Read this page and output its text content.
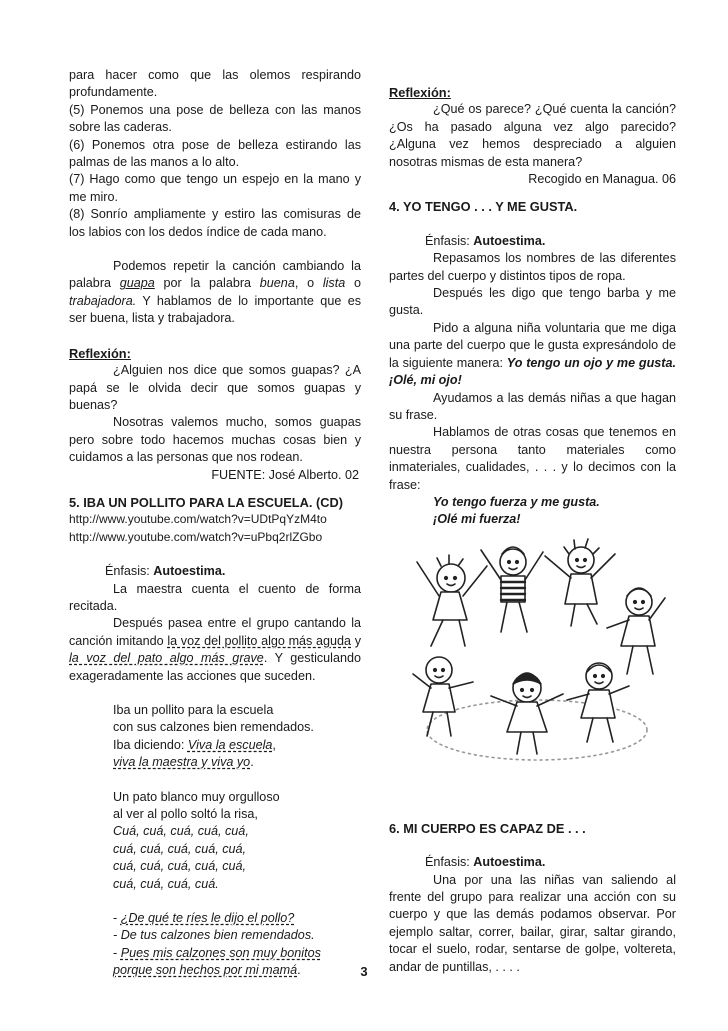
para hacer como que las olemos respirando profundamente.

(5) Ponemos una pose de belleza con las manos sobre las caderas.

(6) Ponemos otra pose de belleza estirando las palmas de las manos a lo alto.

(7) Hago como que tengo un espejo en la mano y me miro.

(8) Sonrío ampliamente y estiro las comisuras de los labios con los dedos índice de cada mano.

Podemos repetir la canción cambiando la palabra guapa por la palabra buena, o lista o trabajadora. Y hablamos de lo importante que es ser buena, lista y trabajadora.

Reflexión:

¿Alguien nos dice que somos guapas? ¿A papá se le olvida decir que somos guapas y buenas?

Nosotras valemos mucho, somos guapas pero sobre todo hacemos muchas cosas bien y cuidamos a las personas que nos rodean.

FUENTE: José Alberto. 02

5. IBA UN POLLITO PARA LA ESCUELA. (CD)

http://www.youtube.com/watch?v=UDtPqYzM4to

http://www.youtube.com/watch?v=uPbq2rlZGbo

Énfasis: Autoestima.

La maestra cuenta el cuento de forma recitada.

Después pasea entre el grupo cantando la canción imitando la voz del pollito algo más aguda y la voz del pato algo más grave. Y gesticulando exageradamente las acciones que suceden.

Iba un pollito para la escuela
con sus calzones bien remendados.
Iba diciendo: Viva la escuela,
viva la maestra y viva yo.
Un pato blanco muy orgulloso
al ver al pollo soltó la risa,
Cuá, cuá, cuá, cuá, cuá,
cuá, cuá, cuá, cuá, cuá,
cuá, cuá, cuá, cuá, cuá,
cuá, cuá, cuá, cuá.
- ¿De qué te ríes le dijo el pollo?
- De tus calzones bien remendados.
- Pues mis calzones son muy bonitos
porque son hechos por mi mamá.

Reflexión:

¿Qué os parece? ¿Qué cuenta la canción? ¿Os ha pasado alguna vez algo parecido? ¿Alguna vez hemos despreciado a alguien nosotras mismas de esta manera?

Recogido en Managua. 06

4. YO TENGO . . . Y ME GUSTA.

Énfasis: Autoestima.

Repasamos los nombres de las diferentes partes del cuerpo y distintos tipos de ropa.

Después les digo que tengo barba y me gusta.

Pido a alguna niña voluntaria que me diga una parte del cuerpo que le gusta expresándolo de la siguiente manera: Yo tengo un ojo y me gusta. ¡Olé, mi ojo!

Ayudamos a las demás niñas a que hagan su frase.

Hablamos de otras cosas que tenemos en nuestra persona tanto materiales como inmateriales, cualidades, . . . y lo decimos con la frase:

Yo tengo fuerza y me gusta.

¡Olé mi fuerza!

6. MI CUERPO ES CAPAZ DE . . .

Énfasis: Autoestima.

Una por una las niñas van saliendo al frente del grupo para realizar una acción con su cuerpo y que las demás podamos observar. Por ejemplo saltar, correr, bailar, girar, saltar girando, tocar el suelo, rodar, sentarse de golpe, voltereta, andar de puntillas, . . . .

3
